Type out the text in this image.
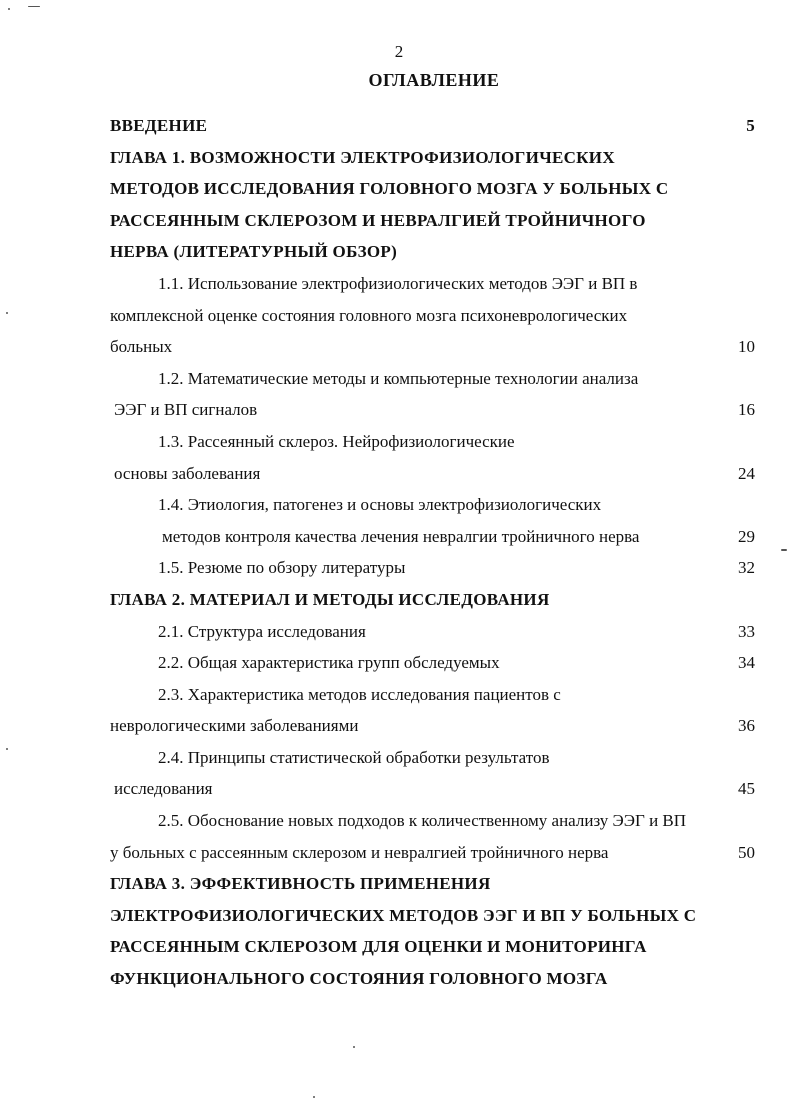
2
ОГЛАВЛЕНИЕ
ВВЕДЕНИЕ	5
ГЛАВА 1. ВОЗМОЖНОСТИ ЭЛЕКТРОФИЗИОЛОГИЧЕСКИХ
МЕТОДОВ ИССЛЕДОВАНИЯ ГОЛОВНОГО МОЗГА У БОЛЬНЫХ С
РАССЕЯННЫМ СКЛЕРОЗОМ И НЕВРАЛГИЕЙ ТРОЙНИЧНОГО
НЕРВА (ЛИТЕРАТУРНЫЙ ОБЗОР)
1.1. Использование электрофизиологических методов ЭЭГ и ВП в
комплексной оценке состояния головного мозга психоневрологических
больных	10
1.2. Математические методы и компьютерные технологии анализа
ЭЭГ и ВП сигналов	16
1.3. Рассеянный склероз. Нейрофизиологические
основы заболевания	24
1.4. Этиология, патогенез и основы электрофизиологических
методов контроля качества лечения невралгии тройничного нерва	29
1.5. Резюме по обзору литературы	32
ГЛАВА 2. МАТЕРИАЛ И МЕТОДЫ ИССЛЕДОВАНИЯ
2.1. Структура исследования	33
2.2. Общая характеристика групп обследуемых	34
2.3. Характеристика методов исследования пациентов с
неврологическими заболеваниями	36
2.4. Принципы статистической обработки результатов
исследования	45
2.5. Обоснование новых подходов к количественному анализу ЭЭГ и ВП
у больных с рассеянным склерозом и невралгией тройничного нерва	50
ГЛАВА 3. ЭФФЕКТИВНОСТЬ ПРИМЕНЕНИЯ
ЭЛЕКТРОФИЗИОЛОГИЧЕСКИХ МЕТОДОВ ЭЭГ И ВП У БОЛЬНЫХ С
РАССЕЯННЫМ СКЛЕРОЗОМ ДЛЯ ОЦЕНКИ И МОНИТОРИНГА
ФУНКЦИОНАЛЬНОГО СОСТОЯНИЯ ГОЛОВНОГО МОЗГА
